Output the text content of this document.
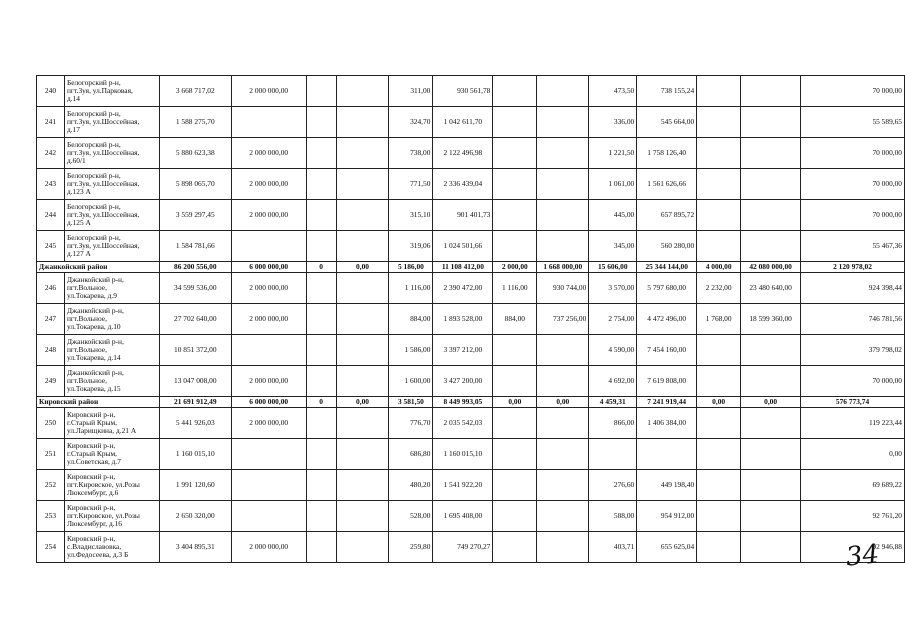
240	Белогорский р-н,
пгт.Зуя, ул.Парковая,
д.14	3 668 717,02	2 000 000,00			311,00	930 561,78			473,50	738 155,24			70 000,00
241	Белогорский р-н,
пгт.Зуя, ул.Шоссейная,
д.17	1 588 275,70				324,70	1 042 611,70			336,00	545 664,00			55 589,65
242	Белогорский р-н,
пгт.Зуя, ул.Шоссейная,
д.60/1	5 880 623,38	2 000 000,00			738,00	2 122 496,98			1 221,50	1 758 126,40			70 000,00
243	Белогорский р-н,
пгт.Зуя, ул.Шоссейная,
д.123 А	5 898 065,70	2 000 000,00			771,50	2 336 439,04			1 061,00	1 561 626,66			70 000,00
244	Белогорский р-н,
пгт.Зуя, ул.Шоссейная,
д.125 А	3 559 297,45	2 000 000,00			315,10	901 401,73			445,00	657 895,72			70 000,00
245	Белогорский р-н,
пгт.Зуя, ул.Шоссейная,
д.127 А	1 584 781,66				319,06	1 024 501,66			345,00	560 280,00			55 467,36
Джанкойский район		86 200 556,00	6 000 000,00	0	0,00	5 186,00	11 108 412,00	2 000,00	1 668 000,00	15 606,00	25 344 144,00	4 000,00	42 080 000,00	2 120 978,02
246	Джанкойский р-н,
пгт.Вольное,
ул.Токарева, д.9	34 599 536,00	2 000 000,00			1 116,00	2 390 472,00	1 116,00	930 744,00	3 570,00	5 797 680,00	2 232,00	23 480 640,00	924 398,44
247	Джанкойский р-н,
пгт.Вольное,
ул.Токарева, д.10	27 702 640,00	2 000 000,00			884,00	1 893 528,00	884,00	737 256,00	2 754,00	4 472 496,00	1 768,00	18 599 360,00	746 781,56
248	Джанкойский р-н,
пгт.Вольное,
ул.Токарева, д.14	10 851 372,00				1 586,00	3 397 212,00			4 590,00	7 454 160,00			379 798,02
249	Джанкойский р-н,
пгт.Вольное,
ул.Токарева, д.15	13 047 008,00	2 000 000,00			1 600,00	3 427 200,00			4 692,00	7 619 808,00			70 000,00
Кировский район		21 691 912,49	6 000 000,00	0	0,00	3 581,50	8 449 993,05	0,00	0,00	4 459,31	7 241 919,44	0,00	0,00	576 773,74
250	Кировский р-н,
г.Старый Крым,
ул.Ларищкина, д.21 А	5 441 926,03	2 000 000,00			776,70	2 035 542,03			866,00	1 406 384,00			119 223,44
251	Кировский р-н,
г.Старый Крым,
ул.Советская, д.7	1 160 015,10				686,80	1 160 015,10							0,00
252	Кировский р-н,
пгт.Кировское, ул.Розы
Люксембург, д.6	1 991 120,60				480,20	1 541 922,20			276,60	449 198,40			69 689,22
253	Кировский р-н,
пгт.Кировское, ул.Розы
Люксембург, д.16	2 650 320,00				528,00	1 695 408,00			588,00	954 912,00			92 761,20
254	Кировский р-н,
с.Владиславовка,
ул.Федосеева, д.3 Б	3 404 895,31	2 000 000,00			259,80	749 270,27			403,71	655 625,04			92 946,88
34
